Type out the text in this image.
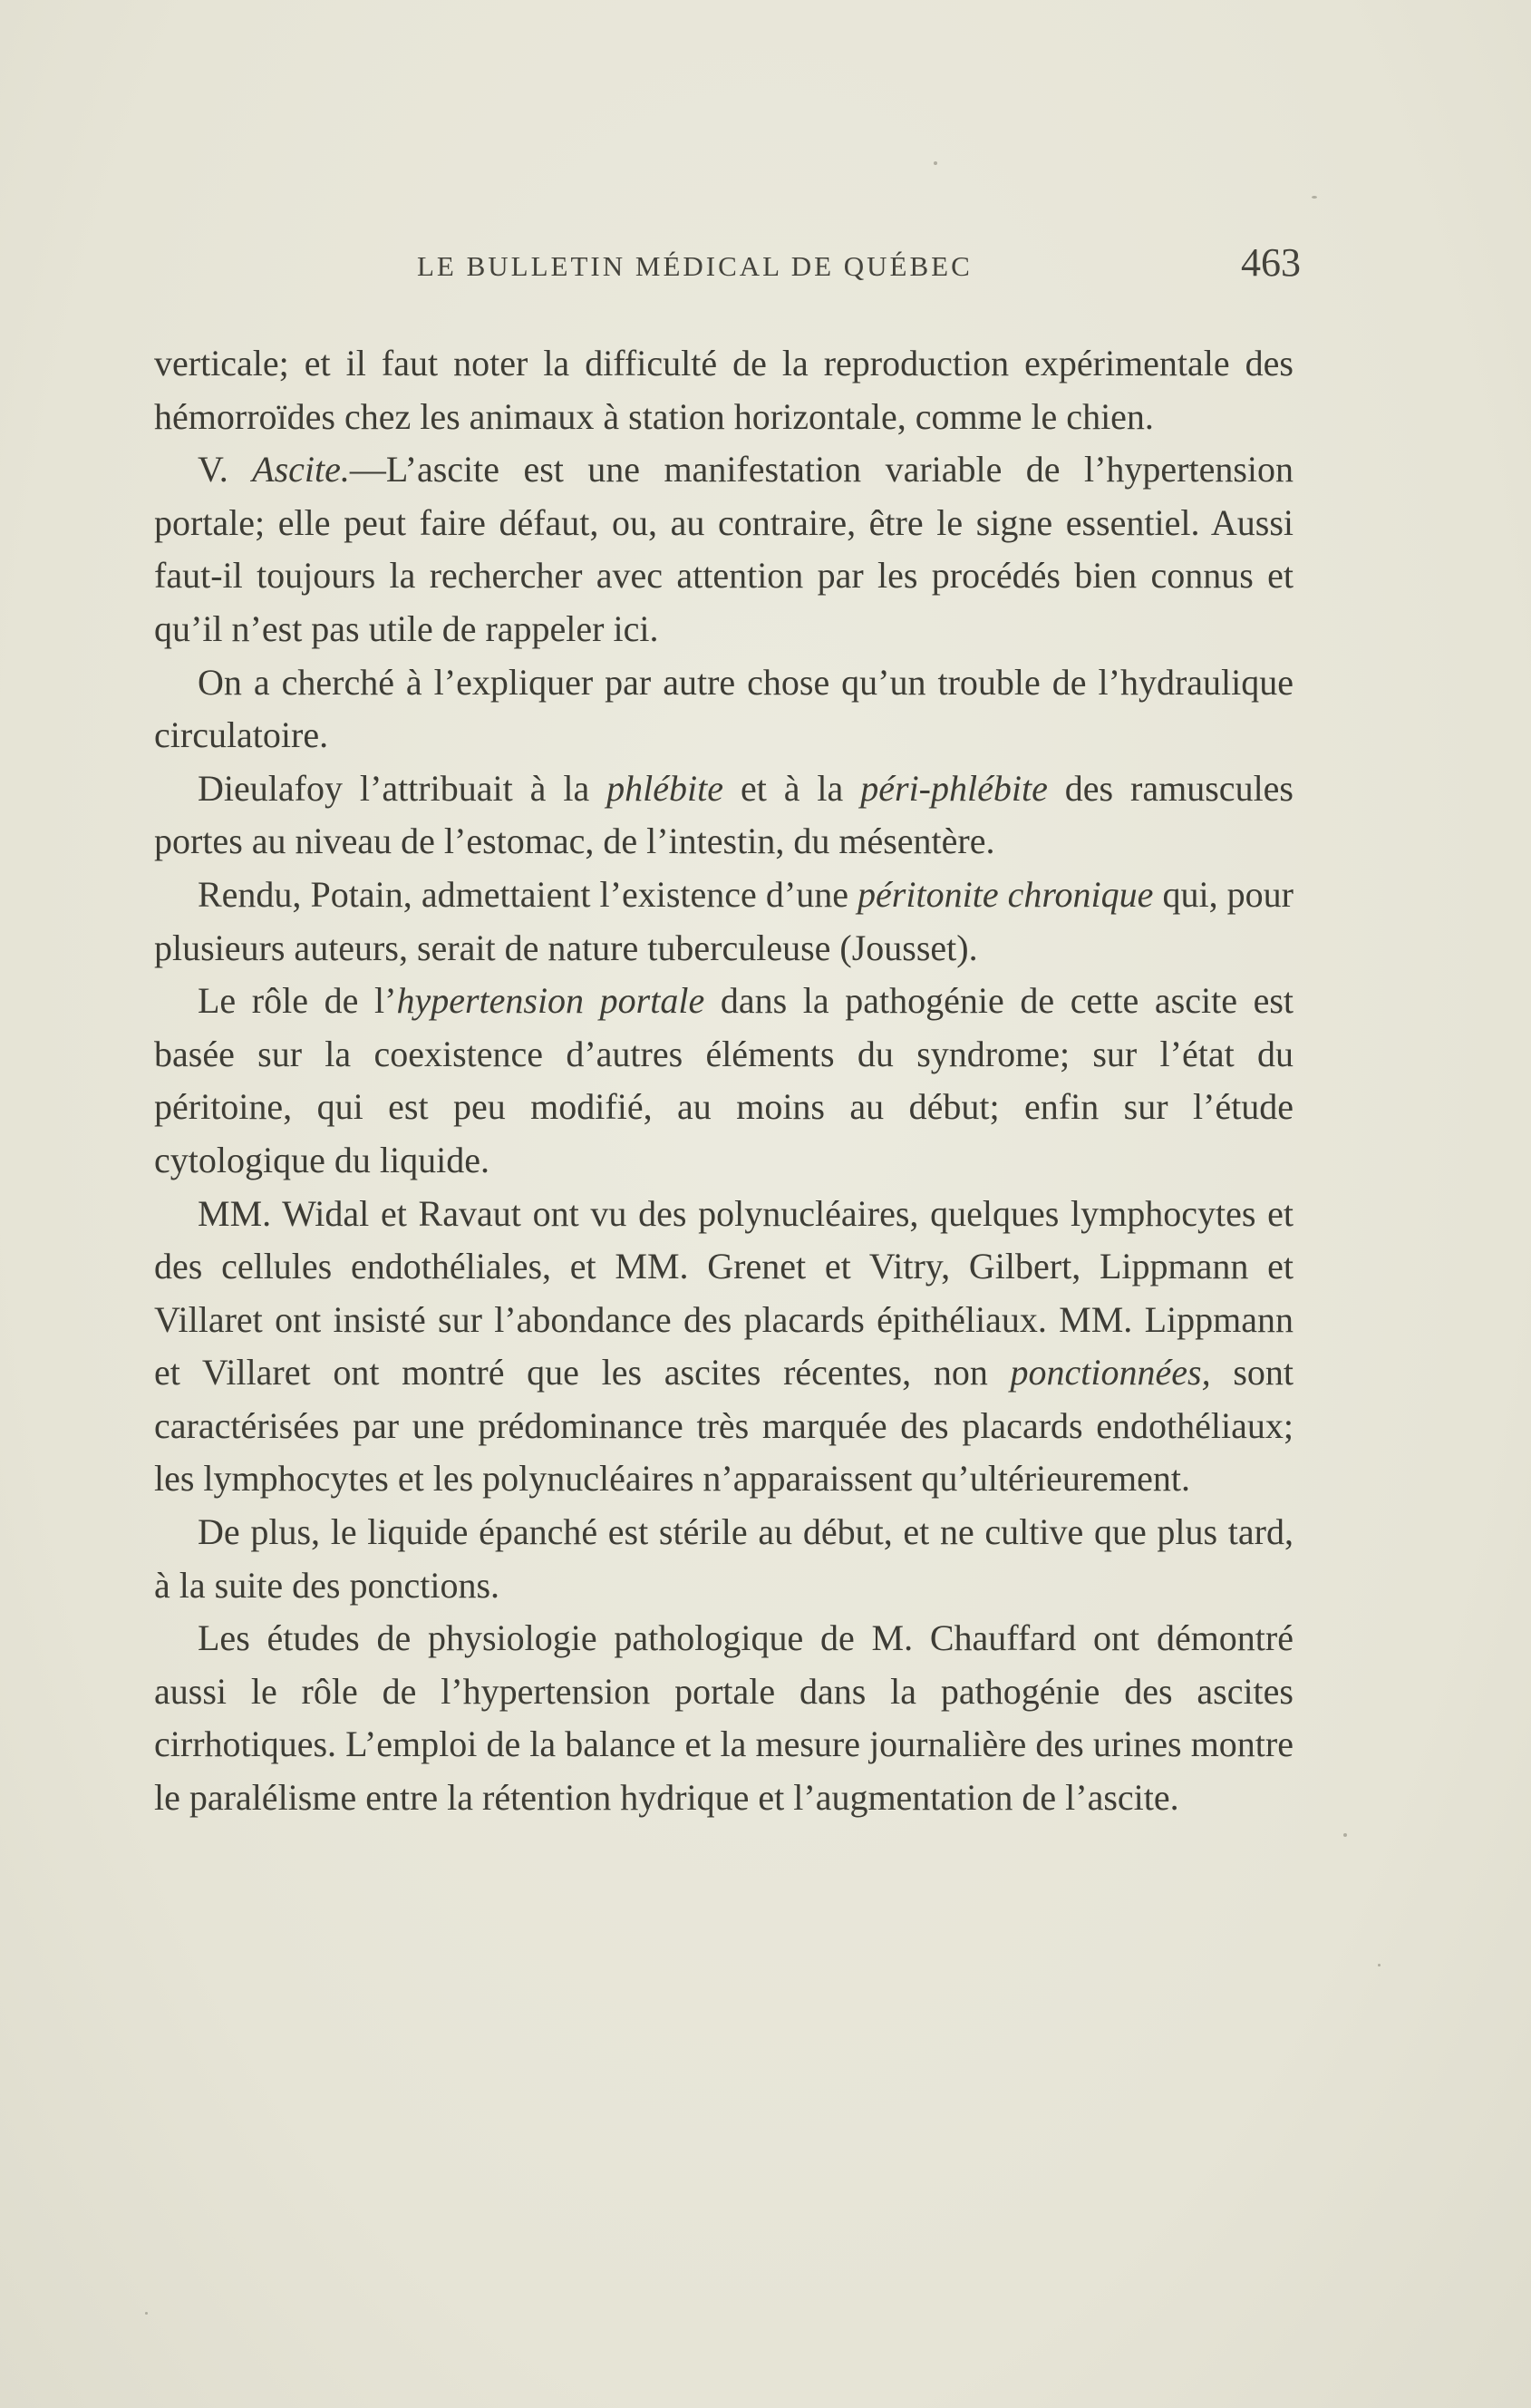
LE BULLETIN MÉDICAL DE QUÉBEC	463

verticale; et il faut noter la difficulté de la reproduction expérimentale des hémorroïdes chez les animaux à station horizontale, comme le chien.

V. Ascite.—L’ascite est une manifestation variable de l’hypertension portale; elle peut faire défaut, ou, au contraire, être le signe essentiel. Aussi faut-il toujours la rechercher avec attention par les procédés bien connus et qu’il n’est pas utile de rappeler ici.

On a cherché à l’expliquer par autre chose qu’un trouble de l’hydraulique circulatoire.

Dieulafoy l’attribuait à la phlébite et à la péri-phlébite des ramuscules portes au niveau de l’estomac, de l’intestin, du mésentère.

Rendu, Potain, admettaient l’existence d’une péritonite chronique qui, pour plusieurs auteurs, serait de nature tuberculeuse (Jousset).

Le rôle de l’hypertension portale dans la pathogénie de cette ascite est basée sur la coexistence d’autres éléments du syndrome; sur l’état du péritoine, qui est peu modifié, au moins au début; enfin sur l’étude cytologique du liquide.

MM. Widal et Ravaut ont vu des polynucléaires, quelques lymphocytes et des cellules endothéliales, et MM. Grenet et Vitry, Gilbert, Lippmann et Villaret ont insisté sur l’abondance des placards épithéliaux. MM. Lippmann et Villaret ont montré que les ascites récentes, non ponctionnées, sont caractérisées par une prédominance très marquée des placards endothéliaux; les lymphocytes et les polynucléaires n’apparaissent qu’ultérieurement.

De plus, le liquide épanché est stérile au début, et ne cultive que plus tard, à la suite des ponctions.

Les études de physiologie pathologique de M. Chauffard ont démontré aussi le rôle de l’hypertension portale dans la pathogénie des ascites cirrhotiques. L’emploi de la balance et la mesure journalière des urines montre le paralélisme entre la rétention hydrique et l’augmentation de l’ascite.
